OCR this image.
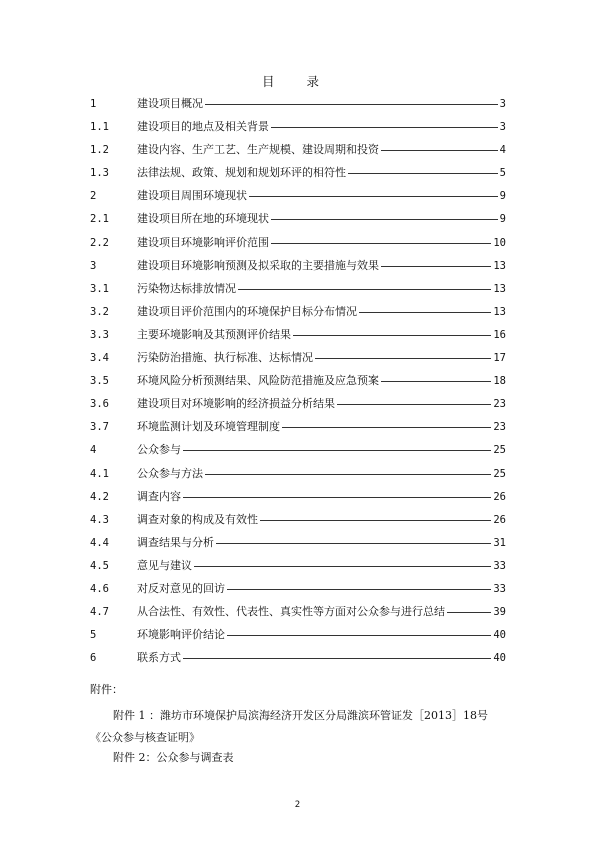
目 录
1	建设项目概况	3
1.1	建设项目的地点及相关背景	3
1.2	建设内容、生产工艺、生产规模、建设周期和投资	4
1.3	法律法规、政策、规划和规划环评的相符性	5
2	建设项目周围环境现状	9
2.1	建设项目所在地的环境现状	9
2.2	建设项目环境影响评价范围	10
3	建设项目环境影响预测及拟采取的主要措施与效果	13
3.1	污染物达标排放情况	13
3.2	建设项目评价范围内的环境保护目标分布情况	13
3.3	主要环境影响及其预测评价结果	16
3.4	污染防治措施、执行标准、达标情况	17
3.5	环境风险分析预测结果、风险防范措施及应急预案	18
3.6	建设项目对环境影响的经济损益分析结果	23
3.7	环境监测计划及环境管理制度	23
4	公众参与	25
4.1	公众参与方法	25
4.2	调查内容	26
4.3	调查对象的构成及有效性	26
4.4	调查结果与分析	31
4.5	意见与建议	33
4.6	对反对意见的回访	33
4.7	从合法性、有效性、代表性、真实性等方面对公众参与进行总结	39
5	环境影响评价结论	40
6	联系方式	40
附件：
附件 1 ：潍坊市环境保护局滨海经济开发区分局潍滨环管证发［2013］18号《公众参与核查证明》
附件 2：公众参与调查表
2
